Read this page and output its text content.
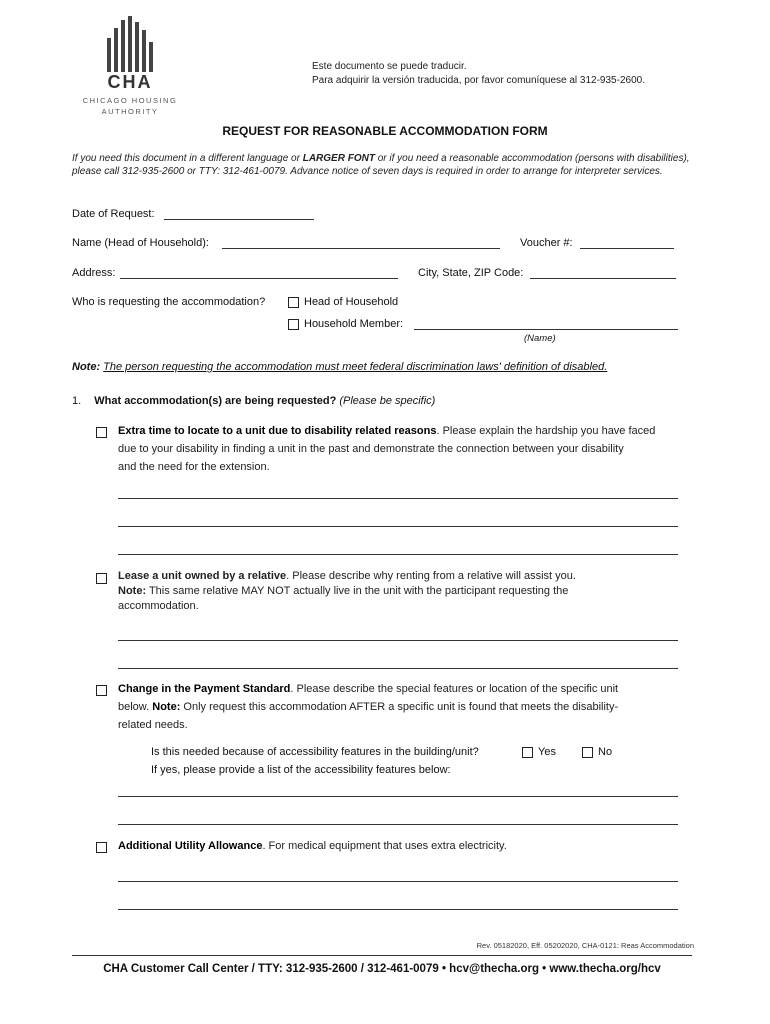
CHA
CHICAGO HOUSING
AUTHORITY
Este documento se puede traducir.
Para adquirir la versión traducida, por favor comuníquese al 312-935-2600.
REQUEST FOR REASONABLE ACCOMMODATION FORM
If you need this document in a different language or LARGER FONT or if you need a reasonable accommodation (persons with disabilities), please call 312-935-2600 or TTY: 312-461-0079. Advance notice of seven days is required in order to arrange for interpreter services.
Date of Request:
Name (Head of Household):	Voucher #:
Address:	City, State, ZIP Code:
Who is requesting the accommodation?	Head of Household
Household Member:
(Name)
Note: The person requesting the accommodation must meet federal discrimination laws' definition of disabled.
1. What accommodation(s) are being requested? (Please be specific)
Extra time to locate to a unit due to disability related reasons. Please explain the hardship you have faced
due to your disability in finding a unit in the past and demonstrate the connection between your disability
and the need for the extension.
Lease a unit owned by a relative. Please describe why renting from a relative will assist you.
Note: This same relative MAY NOT actually live in the unit with the participant requesting the
accommodation.
Change in the Payment Standard. Please describe the special features or location of the specific unit
below. Note: Only request this accommodation AFTER a specific unit is found that meets the disability-
related needs.
Is this needed because of accessibility features in the building/unit?	Yes	No
If yes, please provide a list of the accessibility features below:
Additional Utility Allowance. For medical equipment that uses extra electricity.
Rev. 05182020, Eff. 05202020, CHA-0121: Reas Accommodation
CHA Customer Call Center / TTY: 312-935-2600 / 312-461-0079 • hcv@thecha.org • www.thecha.org/hcv
